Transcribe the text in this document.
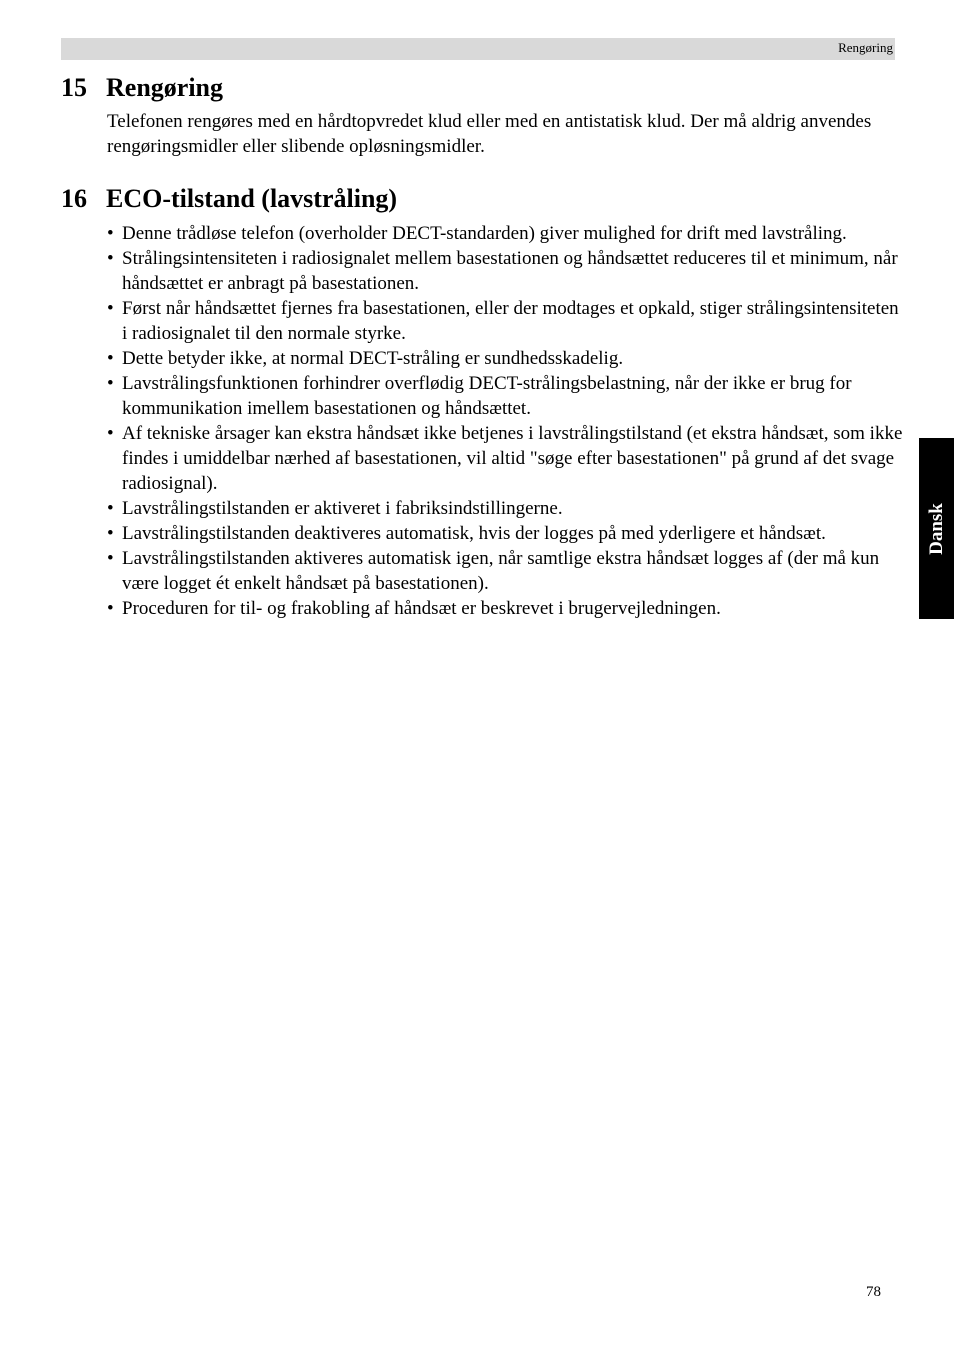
Rengøring
15 Rengøring

Telefonen rengøres med en hårdtopvredet klud eller med en antistatisk klud. Der må aldrig anvendes rengøringsmidler eller slibende opløsningsmidler.

16 ECO-tilstand (lavstråling)
• Denne trådløse telefon (overholder DECT-standarden) giver mulighed for drift med lavstråling.
• Strålingsintensiteten i radiosignalet mellem basestationen og håndsættet reduceres til et minimum, når håndsættet er anbragt på basestationen.
• Først når håndsættet fjernes fra basestationen, eller der modtages et opkald, stiger strålingsintensiteten i radiosignalet til den normale styrke.
• Dette betyder ikke, at normal DECT-stråling er sundhedsskadelig.
• Lavstrålingsfunktionen forhindrer overflødig DECT-strålingsbelastning, når der ikke er brug for kommunikation imellem basestationen og håndsættet.
• Af tekniske årsager kan ekstra håndsæt ikke betjenes i lavstrålingstilstand (et ekstra håndsæt, som ikke findes i umiddelbar nærhed af basestationen, vil altid "søge efter basestationen" på grund af det svage radiosignal).
• Lavstrålingstilstanden er aktiveret i fabriksindstillingerne.
• Lavstrålingstilstanden deaktiveres automatisk, hvis der logges på med yderligere et håndsæt.
• Lavstrålingstilstanden aktiveres automatisk igen, når samtlige ekstra håndsæt logges af (der må kun være logget ét enkelt håndsæt på basestationen).
• Proceduren for til- og frakobling af håndsæt er beskrevet i brugervejledningen.
Dansk
78
